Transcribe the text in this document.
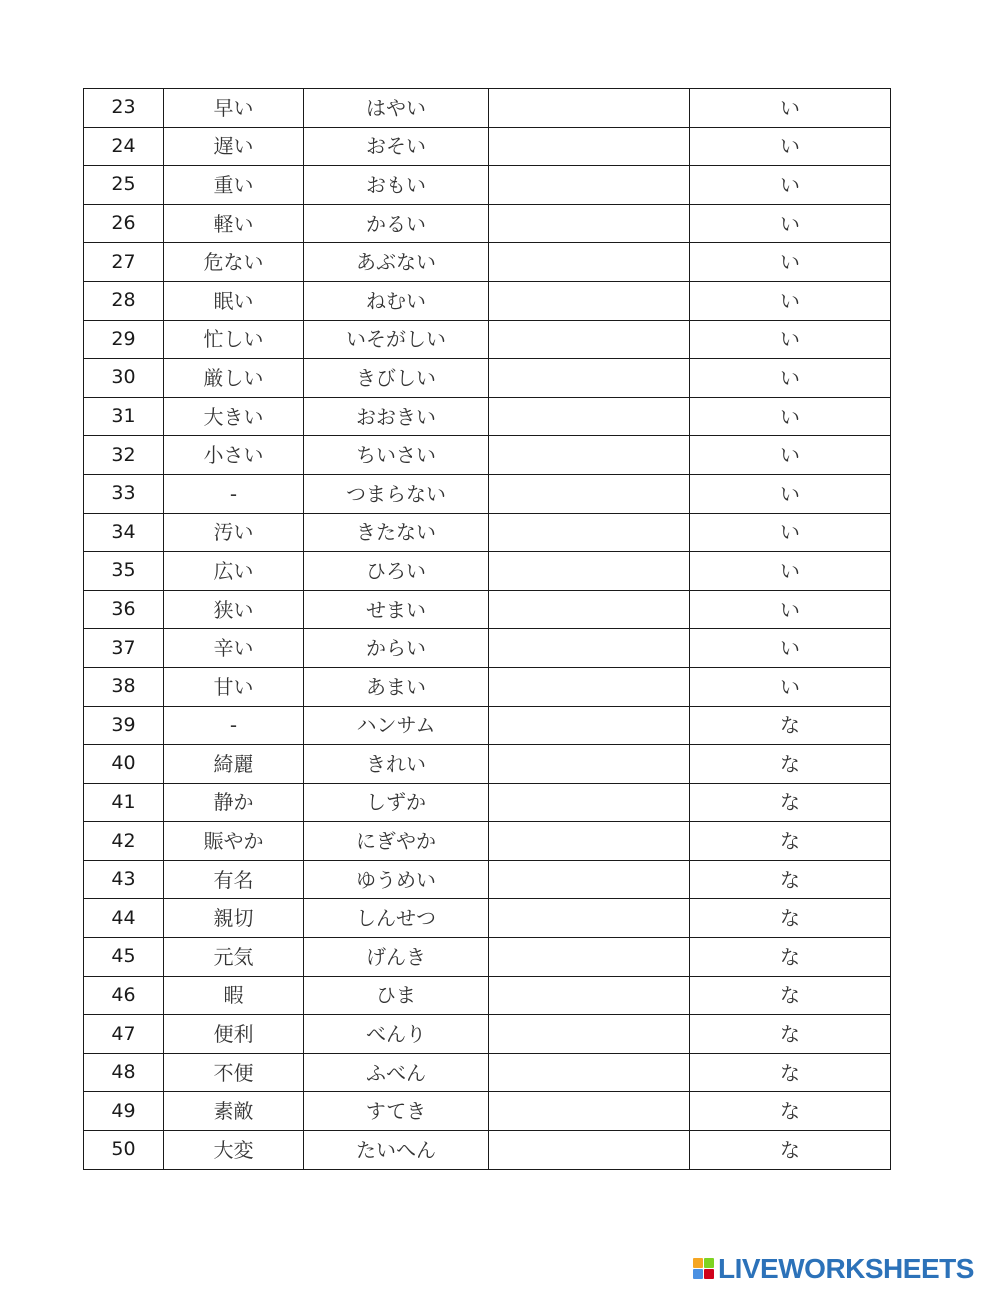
23	早い	はやい		い
24	遅い	おそい		い
25	重い	おもい		い
26	軽い	かるい		い
27	危ない	あぶない		い
28	眠い	ねむい		い
29	忙しい	いそがしい		い
30	厳しい	きびしい		い
31	大きい	おおきい		い
32	小さい	ちいさい		い
33	-	つまらない		い
34	汚い	きたない		い
35	広い	ひろい		い
36	狭い	せまい		い
37	辛い	からい		い
38	甘い	あまい		い
39	-	ハンサム		な
40	綺麗	きれい		な
41	静か	しずか		な
42	賑やか	にぎやか		な
43	有名	ゆうめい		な
44	親切	しんせつ		な
45	元気	げんき		な
46	暇	ひま		な
47	便利	べんり		な
48	不便	ふべん		な
49	素敵	すてき		な
50	大変	たいへん		な
LIVEWORKSHEETS
